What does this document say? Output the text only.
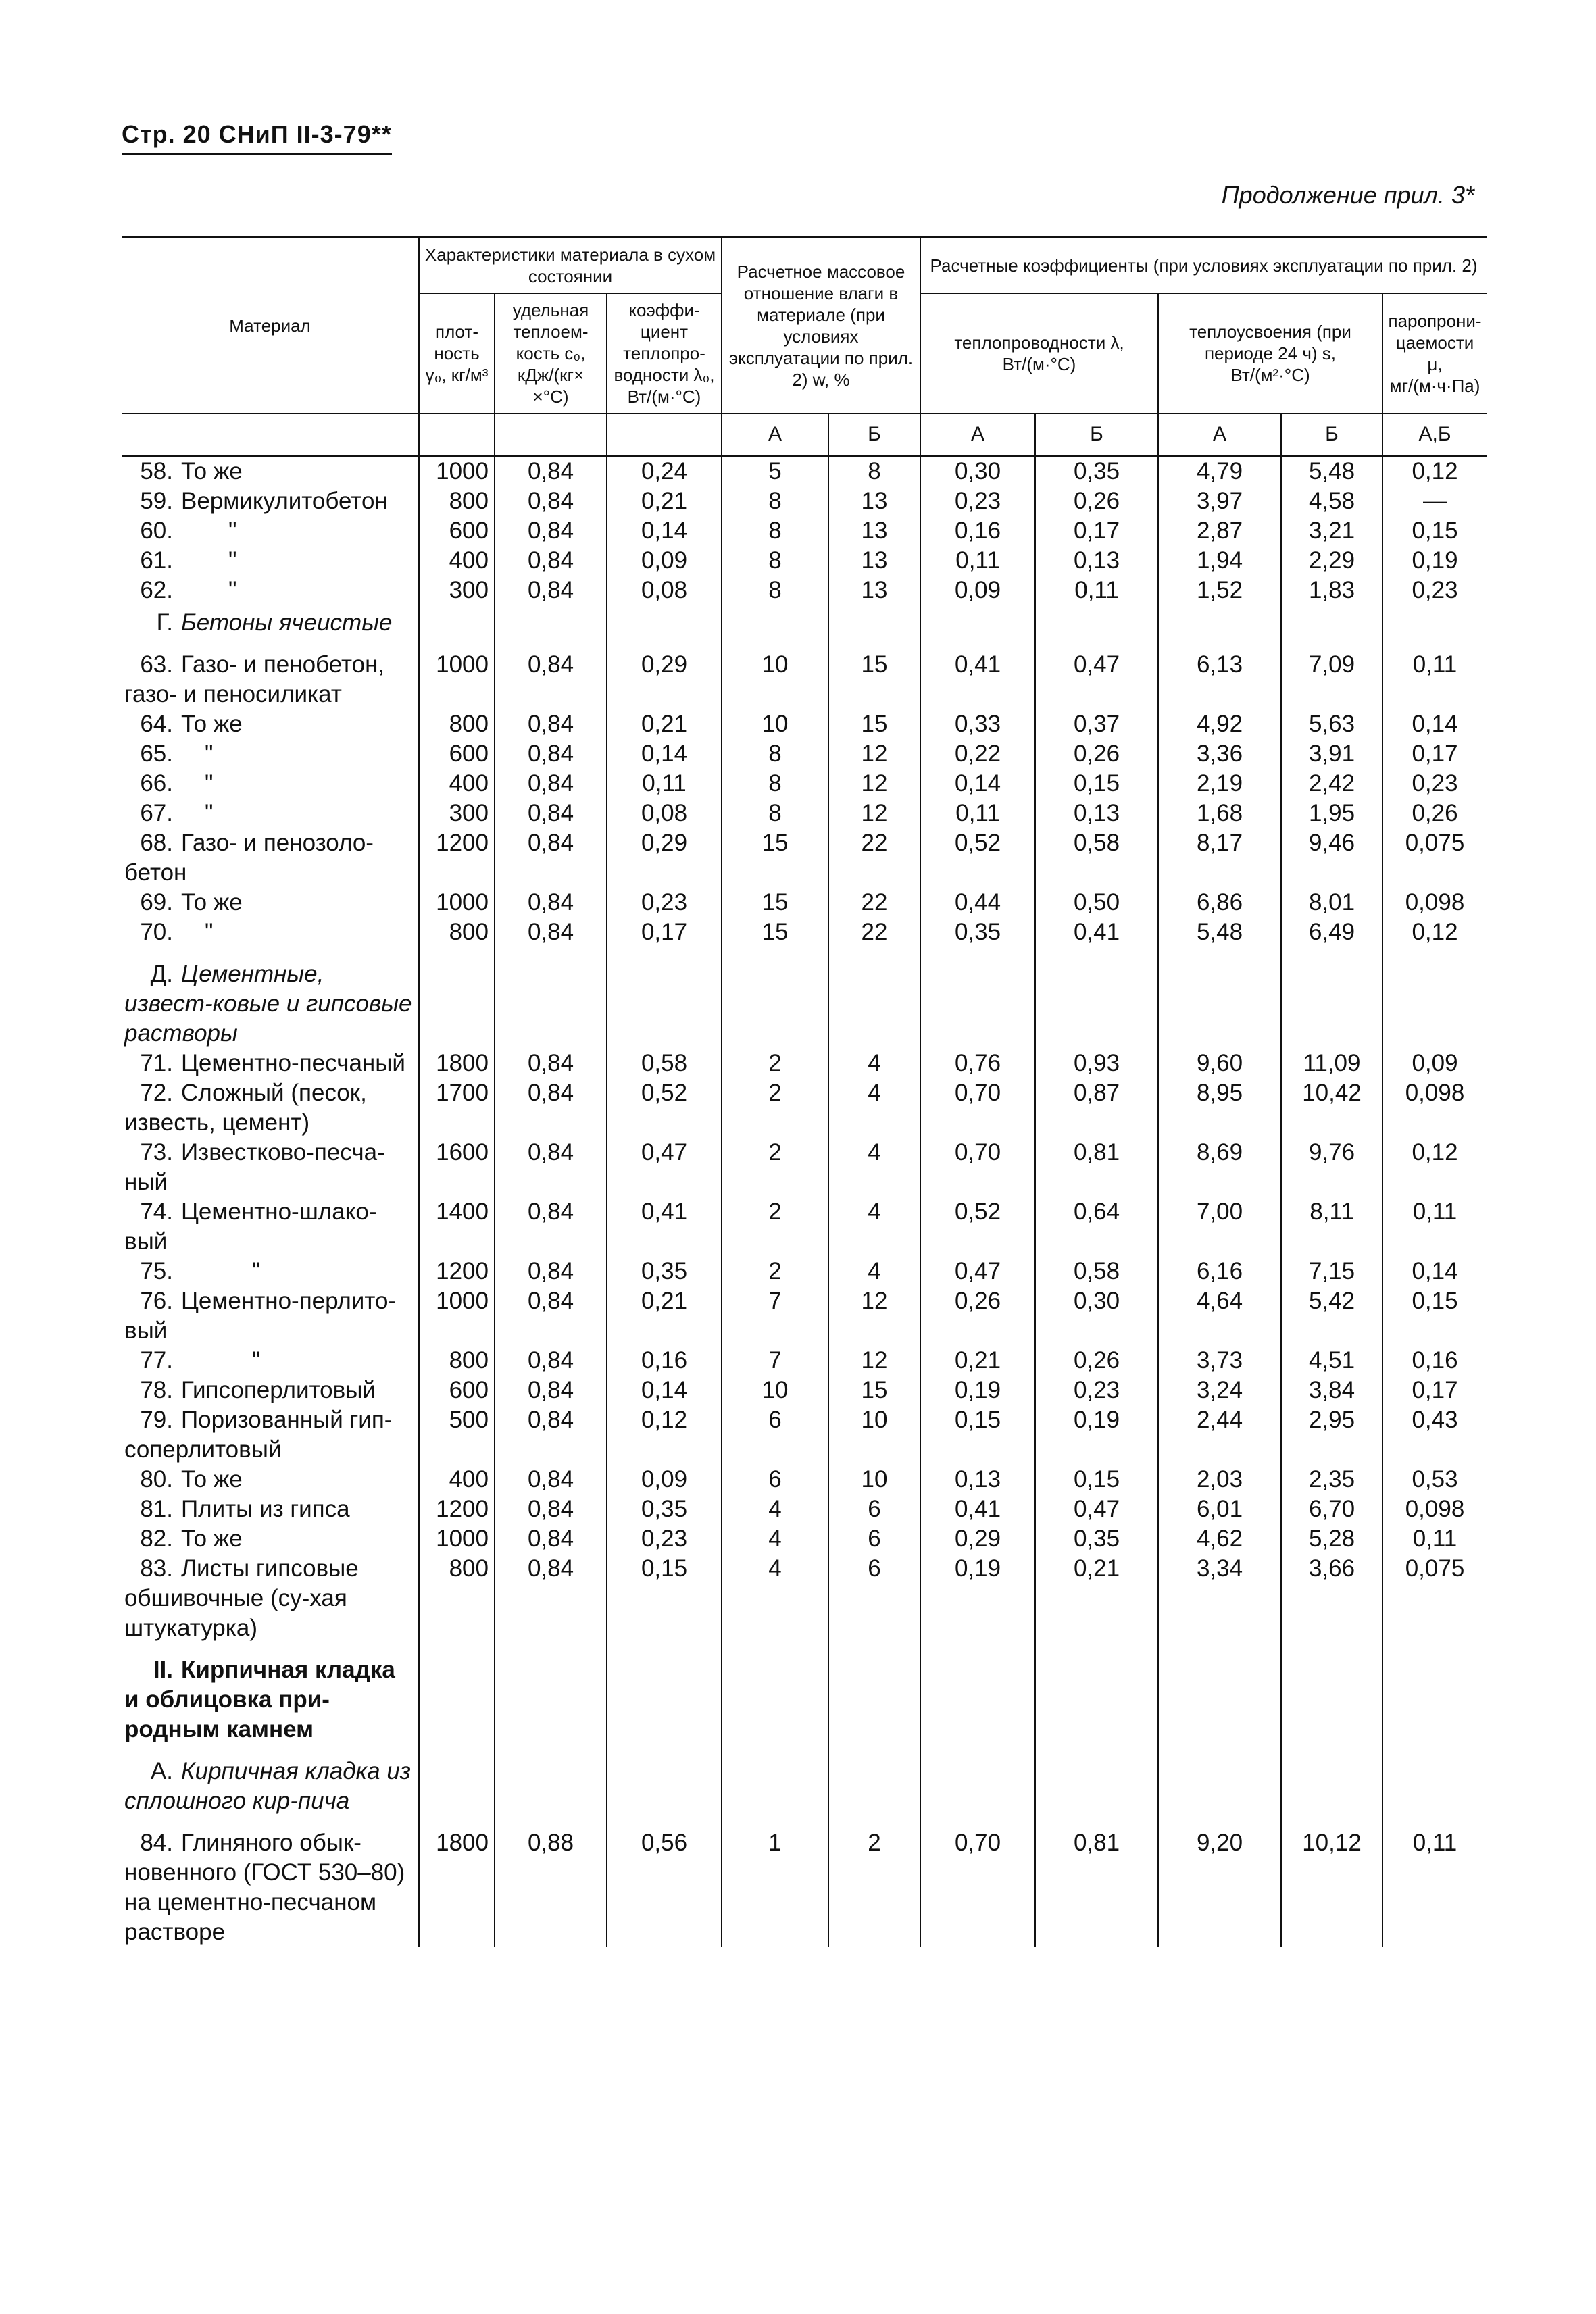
Стр. 20 СНиП II-3-79**
Продолжение прил. 3*
Материал	Характеристики материала в сухом состоянии			Расчетное массовое отношение влаги в материале (при условиях эксплуатации по прил. 2) w, %		Расчетные коэффициенты (при условиях эксплуатации по прил. 2)				
	плот-ность γ₀, кг/м³	удельная теплоем-кость c₀, кДж/(кг× ×°С)	коэффи-циент теплопро-водности λ₀, Вт/(м·°С)			теплопроводности λ, Вт/(м·°С)		теплоусвоения (при периоде 24 ч) s, Вт/(м²·°С)		паропрони-цаемости μ, мг/(м·ч·Па)
				А	Б	А	Б	А	Б	А,Б
58. То же	1000	0,84	0,24	5	8	0,30	0,35	4,79	5,48	0,12
59. Вермикулитобетон	800	0,84	0,21	8	13	0,23	0,26	3,97	4,58	—
60.  "	600	0,84	0,14	8	13	0,16	0,17	2,87	3,21	0,15
61.  "	400	0,84	0,09	8	13	0,11	0,13	1,94	2,29	0,19
62.  "	300	0,84	0,08	8	13	0,09	0,11	1,52	1,83	0,23
Г. Бетоны ячеистые										
63. Газо- и пенобетон, газо- и пеносиликат	1000	0,84	0,29	10	15	0,41	0,47	6,13	7,09	0,11
64. То же	800	0,84	0,21	10	15	0,33	0,37	4,92	5,63	0,14
65. "	600	0,84	0,14	8	12	0,22	0,26	3,36	3,91	0,17
66. "	400	0,84	0,11	8	12	0,14	0,15	2,19	2,42	0,23
67. "	300	0,84	0,08	8	12	0,11	0,13	1,68	1,95	0,26
68. Газо- и пенозоло-бетон	1200	0,84	0,29	15	22	0,52	0,58	8,17	9,46	0,075
69. То же	1000	0,84	0,23	15	22	0,44	0,50	6,86	8,01	0,098
70. "	800	0,84	0,17	15	22	0,35	0,41	5,48	6,49	0,12
Д. Цементные, извест-ковые и гипсовые растворы										
71. Цементно-песчаный	1800	0,84	0,58	2	4	0,76	0,93	9,60	11,09	0,09
72. Сложный (песок, известь, цемент)	1700	0,84	0,52	2	4	0,70	0,87	8,95	10,42	0,098
73. Известково-песча-ный	1600	0,84	0,47	2	4	0,70	0,81	8,69	9,76	0,12
74. Цементно-шлако-вый	1400	0,84	0,41	2	4	0,52	0,64	7,00	8,11	0,11
75.   "	1200	0,84	0,35	2	4	0,47	0,58	6,16	7,15	0,14
76. Цементно-перлито-вый	1000	0,84	0,21	7	12	0,26	0,30	4,64	5,42	0,15
77.   "	800	0,84	0,16	7	12	0,21	0,26	3,73	4,51	0,16
78. Гипсоперлитовый	600	0,84	0,14	10	15	0,19	0,23	3,24	3,84	0,17
79. Поризованный гип-соперлитовый	500	0,84	0,12	6	10	0,15	0,19	2,44	2,95	0,43
80. То же	400	0,84	0,09	6	10	0,13	0,15	2,03	2,35	0,53
81. Плиты из гипса	1200	0,84	0,35	4	6	0,41	0,47	6,01	6,70	0,098
82. То же	1000	0,84	0,23	4	6	0,29	0,35	4,62	5,28	0,11
83. Листы гипсовые обшивочные (су-хая штукатурка)	800	0,84	0,15	4	6	0,19	0,21	3,34	3,66	0,075
II. Кирпичная кладка и облицовка при-родным камнем										
А. Кирпичная кладка из сплошного кир-пича										
84. Глиняного обык-новенного (ГОСТ 530–80) на цементно-песчаном растворе	1800	0,88	0,56	1	2	0,70	0,81	9,20	10,12	0,11
